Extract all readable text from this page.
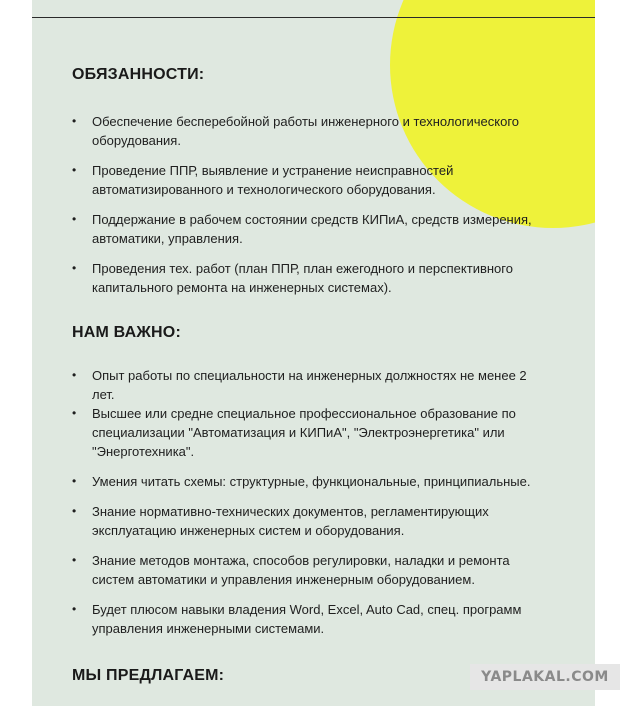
ОБЯЗАННОСТИ:
• Обеспечение бесперебойной работы инженерного и технологического оборудования.
• Проведение ППР, выявление и устранение неисправностей автоматизированного и технологического оборудования.
• Поддержание в рабочем состоянии средств КИПиА, средств измерения, автоматики, управления.
• Проведения тех. работ (план ППР, план ежегодного и перспективного капитального ремонта на инженерных системах).
НАМ ВАЖНО:
• Опыт работы по специальности на инженерных должностях не менее 2 лет.
• Высшее или средне специальное профессиональное образование по специализации "Автоматизация и КИПиА", "Электроэнергетика" или "Энерготехника".
• Умения читать схемы: структурные, функциональные, принципиальные.
• Знание нормативно-технических документов, регламентирующих эксплуатацию инженерных систем и оборудования.
• Знание методов монтажа, способов регулировки, наладки и ремонта систем автоматики и управления инженерным оборудованием.
• Будет плюсом навыки владения Word, Excel, Auto Cad, спец. программ управления инженерными системами.
МЫ ПРЕДЛАГАЕМ:	YAPLAKAL.COM
